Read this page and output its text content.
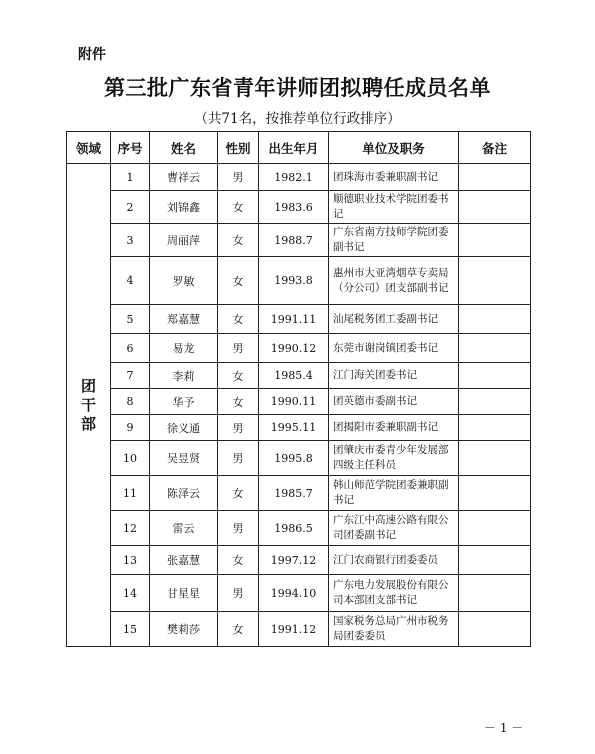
附件
第三批广东省青年讲师团拟聘任成员名单
（共71名，按推荐单位行政排序）
领域	序号	姓名	性别	出生年月	单位及职务	备注
团干部	1	曹祥云	男	1982.1	团珠海市委兼职副书记	
	2	刘锦鑫	女	1983.6	顺德职业技术学院团委书记	
	3	周丽萍	女	1988.7	广东省南方技师学院团委副书记	
	4	罗敏	女	1993.8	惠州市大亚湾烟草专卖局（分公司）团支部副书记	
	5	郑嘉慧	女	1991.11	汕尾税务团工委副书记	
	6	易龙	男	1990.12	东莞市谢岗镇团委书记	
	7	李莉	女	1985.4	江门海关团委书记	
	8	华予	女	1990.11	团英德市委副书记	
	9	徐义通	男	1995.11	团揭阳市委兼职副书记	
	10	吴昱贤	男	1995.8	团肇庆市委青少年发展部四级主任科员	
	11	陈泽云	女	1985.7	韩山师范学院团委兼职副书记	
	12	雷云	男	1986.5	广东江中高速公路有限公司团委副书记	
	13	张嘉慧	女	1997.12	江门农商银行团委委员	
	14	甘星星	男	1994.10	广东电力发展股份有限公司本部团支部书记	
	15	樊莉莎	女	1991.12	国家税务总局广州市税务局团委委员	
－ 1 －
